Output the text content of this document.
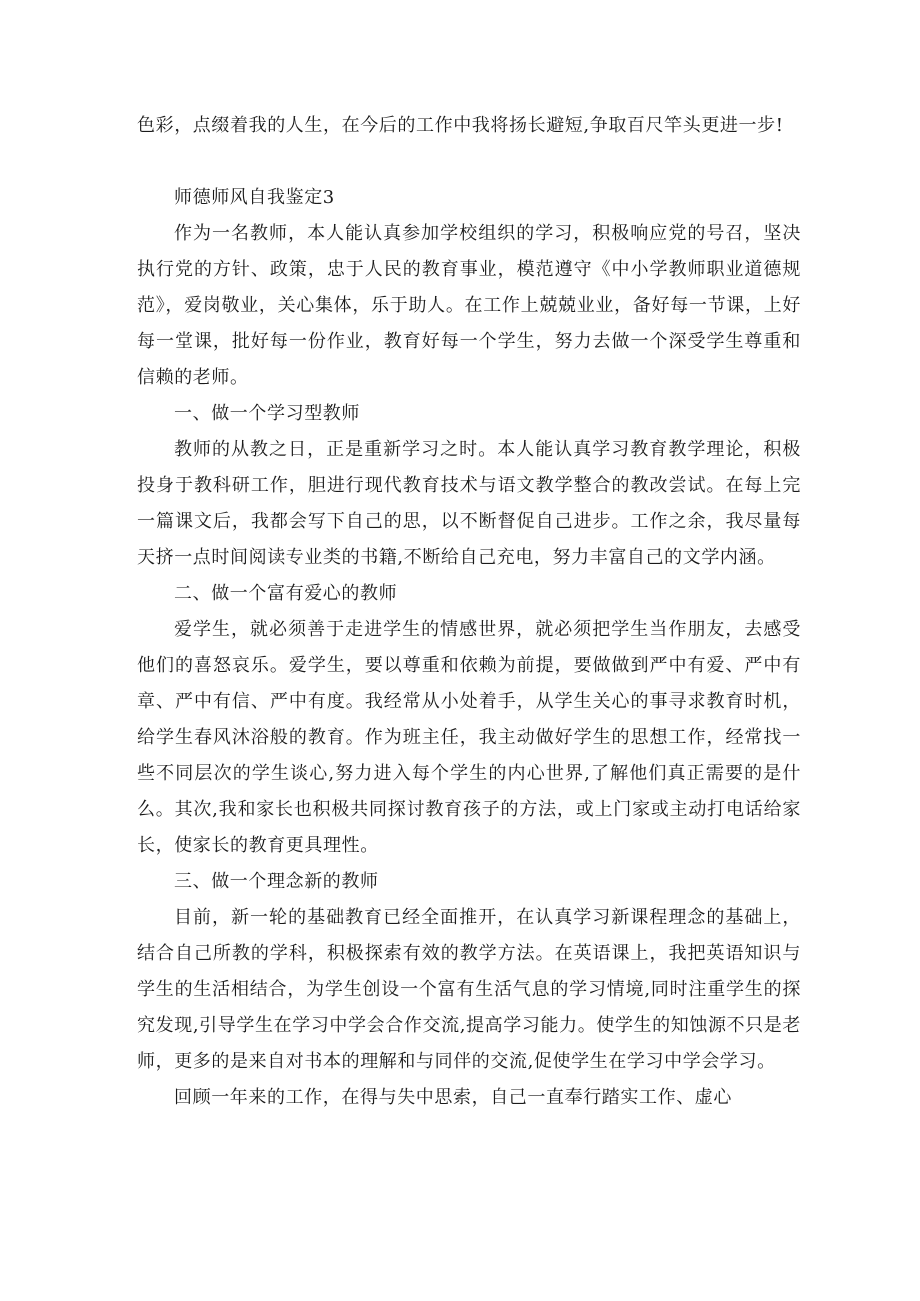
色彩，点缀着我的人生，在今后的工作中我将扬长避短,争取百尺竿头更进一步!

师德师风自我鉴定3

作为一名教师，本人能认真参加学校组织的学习，积极响应党的号召，坚决执行党的方针、政策，忠于人民的教育事业，模范遵守《中小学教师职业道德规范》，爱岗敬业，关心集体，乐于助人。在工作上兢兢业业，备好每一节课，上好每一堂课，批好每一份作业，教育好每一个学生，努力去做一个深受学生尊重和信赖的老师。

一、做一个学习型教师

教师的从教之日，正是重新学习之时。本人能认真学习教育教学理论，积极投身于教科研工作，胆进行现代教育技术与语文教学整合的教改尝试。在每上完一篇课文后，我都会写下自己的思，以不断督促自己进步。工作之余，我尽量每天挤一点时间阅读专业类的书籍,不断给自己充电，努力丰富自己的文学内涵。

二、做一个富有爱心的教师

爱学生，就必须善于走进学生的情感世界，就必须把学生当作朋友，去感受他们的喜怒哀乐。爱学生，要以尊重和依赖为前提，要做做到严中有爱、严中有章、严中有信、严中有度。我经常从小处着手，从学生关心的事寻求教育时机，给学生春风沐浴般的教育。作为班主任，我主动做好学生的思想工作，经常找一些不同层次的学生谈心,努力进入每个学生的内心世界,了解他们真正需要的是什么。其次,我和家长也积极共同探讨教育孩子的方法，或上门家或主动打电话给家长，使家长的教育更具理性。

三、做一个理念新的教师

目前，新一轮的基础教育已经全面推开，在认真学习新课程理念的基础上，结合自己所教的学科，积极探索有效的教学方法。在英语课上，我把英语知识与学生的生活相结合，为学生创设一个富有生活气息的学习情境,同时注重学生的探究发现,引导学生在学习中学会合作交流,提高学习能力。使学生的知蚀源不只是老师，更多的是来自对书本的理解和与同伴的交流,促使学生在学习中学会学习。

回顾一年来的工作，在得与失中思索，自己一直奉行踏实工作、虚心
